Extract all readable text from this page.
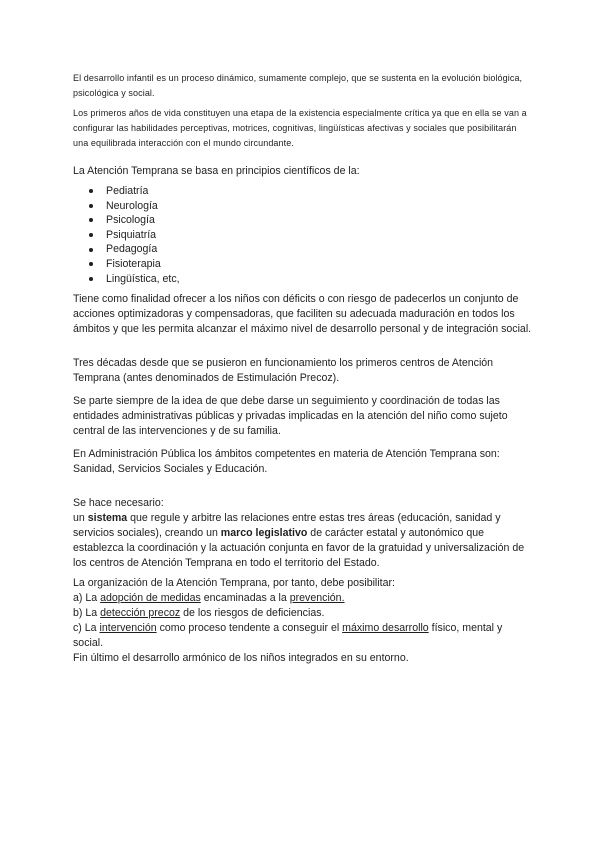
El desarrollo infantil es un proceso dinámico, sumamente complejo, que se sustenta en la evolución biológica, psicológica y social.

Los primeros años de vida constituyen una etapa de la existencia especialmente crítica ya que en ella se van a configurar las habilidades perceptivas, motrices, cognitivas, lingüísticas afectivas y sociales que posibilitarán una equilibrada interacción con el mundo circundante.

La Atención Temprana se basa en principios científicos de la:

Pediatría
Neurología
Psicología
Psiquiatría
Pedagogía
Fisioterapia
Lingüística, etc,

Tiene como finalidad ofrecer a los niños con déficits o con riesgo de padecerlos un conjunto de acciones optimizadoras y compensadoras, que faciliten su adecuada maduración en todos los ámbitos y que les permita alcanzar el máximo nivel de desarrollo personal y de integración social.

Tres décadas desde que se pusieron en funcionamiento los primeros centros de Atención Temprana (antes denominados de Estimulación Precoz).

Se parte siempre de la idea de que debe darse un seguimiento y coordinación de todas las entidades administrativas públicas y privadas implicadas en la atención del niño como sujeto central de las intervenciones y de su familia.

En Administración Pública los ámbitos competentes en materia de Atención Temprana son: Sanidad, Servicios Sociales y Educación.

Se hace necesario:

un sistema que regule y arbitre las relaciones entre estas tres áreas (educación, sanidad y servicios sociales), creando un marco legislativo de carácter estatal y autonómico que establezca la coordinación y la actuación conjunta en favor de la gratuidad y universalización de los centros de Atención Temprana en todo el territorio del Estado.

La organización de la Atención Temprana, por tanto, debe posibilitar:

a) La adopción de medidas encaminadas a la prevención.

b) La detección precoz de los riesgos de deficiencias.

c) La intervención como proceso tendente a conseguir el máximo desarrollo físico, mental y social.

Fin último el desarrollo armónico de los niños integrados en su entorno.
